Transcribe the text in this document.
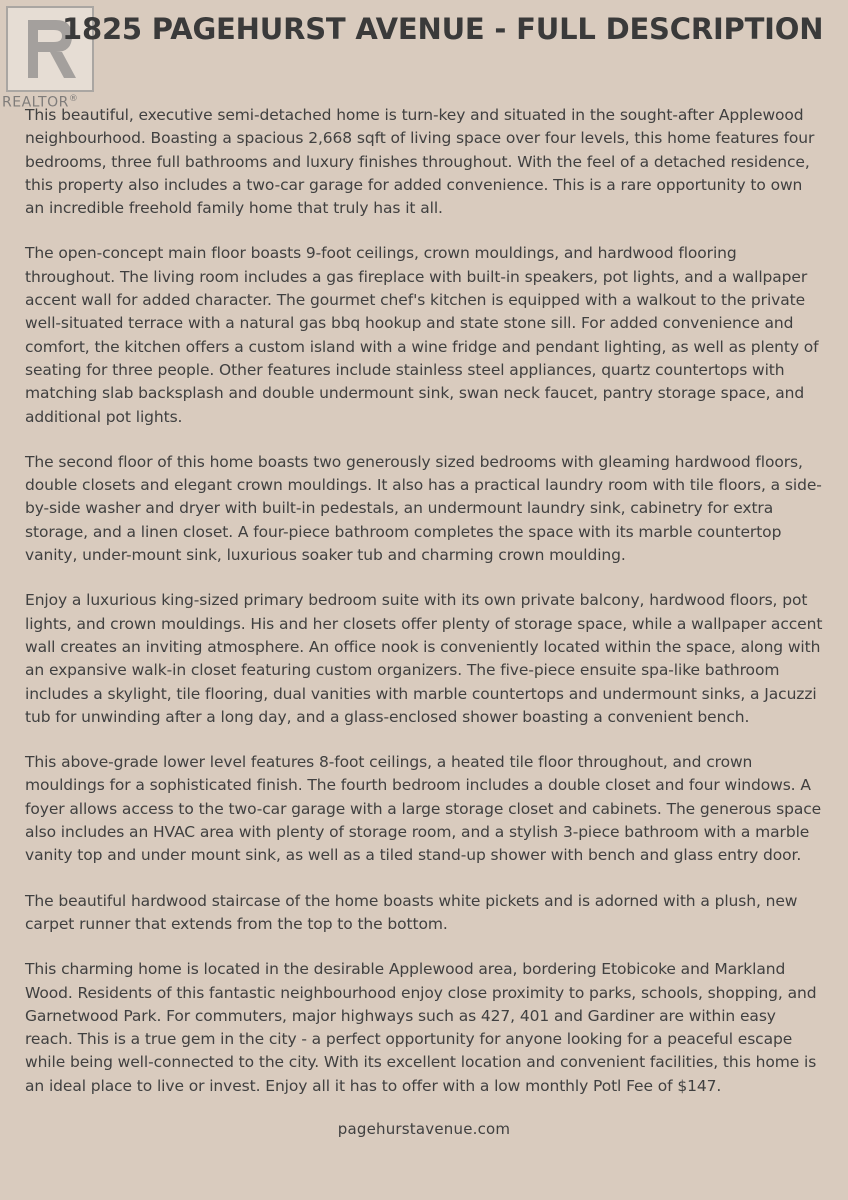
REALTOR®
1825 PAGEHURST AVENUE - FULL DESCRIPTION

This beautiful, executive semi-detached home is turn-key and situated in the sought-after Applewood neighbourhood. Boasting a spacious 2,668 sqft of living space over four levels, this home features four bedrooms, three full bathrooms and luxury finishes throughout. With the feel of a detached residence, this property also includes a two-car garage for added convenience. This is a rare opportunity to own an incredible freehold family home that truly has it all.

The open-concept main floor boasts 9-foot ceilings, crown mouldings, and hardwood flooring throughout. The living room includes a gas fireplace with built-in speakers, pot lights, and a wallpaper accent wall for added character. The gourmet chef's kitchen is equipped with a walkout to the private well-situated terrace with a natural gas bbq hookup and state stone sill. For added convenience and comfort, the kitchen offers a custom island with a wine fridge and pendant lighting, as well as plenty of seating for three people. Other features include stainless steel appliances, quartz countertops with matching slab backsplash and double undermount sink, swan neck faucet, pantry storage space, and additional pot lights.

The second floor of this home boasts two generously sized bedrooms with gleaming hardwood floors, double closets and elegant crown mouldings. It also has a practical laundry room with tile floors, a side-by-side washer and dryer with built-in pedestals, an undermount laundry sink, cabinetry for extra storage, and a linen closet. A four-piece bathroom completes the space with its marble countertop vanity, under-mount sink, luxurious soaker tub and charming crown moulding.

Enjoy a luxurious king-sized primary bedroom suite with its own private balcony, hardwood floors, pot lights, and crown mouldings. His and her closets offer plenty of storage space, while a wallpaper accent wall creates an inviting atmosphere. An office nook is conveniently located within the space, along with an expansive walk-in closet featuring custom organizers. The five-piece ensuite spa-like bathroom includes a skylight, tile flooring, dual vanities with marble countertops and undermount sinks, a Jacuzzi tub for unwinding after a long day, and a glass-enclosed shower boasting a convenient bench.

This above-grade lower level features 8-foot ceilings, a heated tile floor throughout, and crown mouldings for a sophisticated finish. The fourth bedroom includes a double closet and four windows. A foyer allows access to the two-car garage with a large storage closet and cabinets. The generous space also includes an HVAC area with plenty of storage room, and a stylish 3-piece bathroom with a marble vanity top and under mount sink, as well as a tiled stand-up shower with bench and glass entry door.

The beautiful hardwood staircase of the home boasts white pickets and is adorned with a plush, new carpet runner that extends from the top to the bottom.

This charming home is located in the desirable Applewood area, bordering Etobicoke and Markland Wood. Residents of this fantastic neighbourhood enjoy close proximity to parks, schools, shopping, and Garnetwood Park. For commuters, major highways such as 427, 401 and Gardiner are within easy reach. This is a true gem in the city - a perfect opportunity for anyone looking for a peaceful escape while being well-connected to the city. With its excellent location and convenient facilities, this home is an ideal place to live or invest. Enjoy all it has to offer with a low monthly Potl Fee of $147.

pagehurstavenue.com
